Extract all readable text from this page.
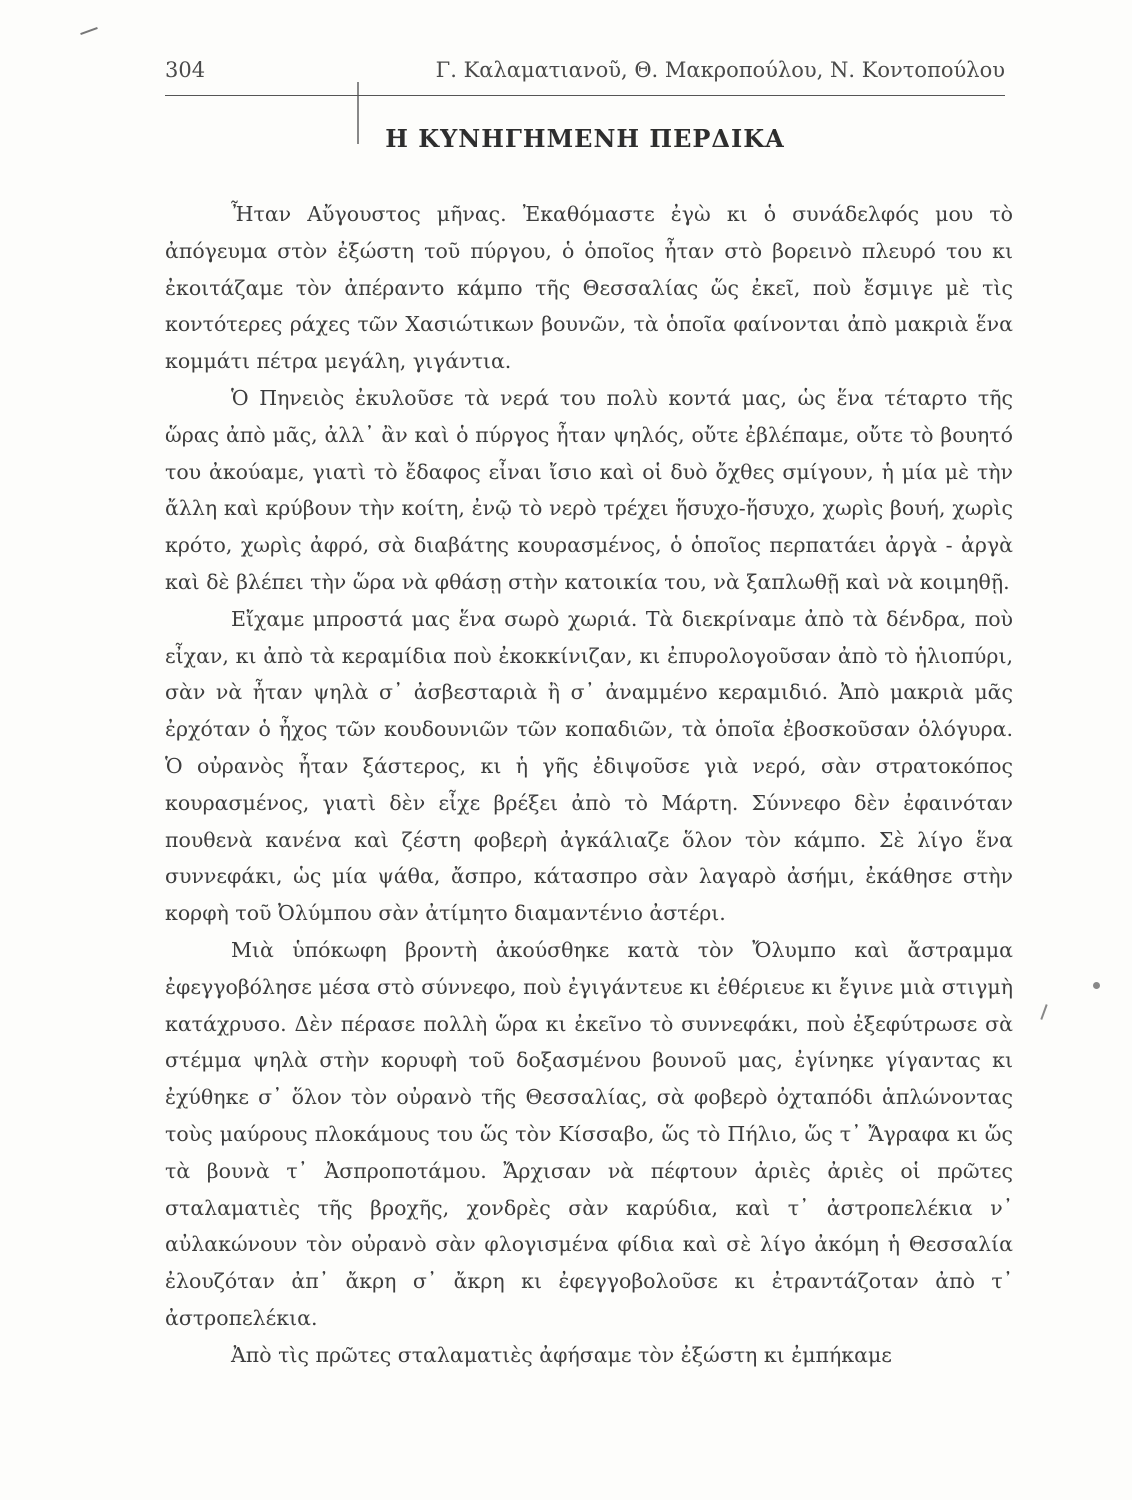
304	Γ. Καλαματιανοῦ, Θ. Μακροπούλου, Ν. Κοντοπούλου
Η ΚΥΝΗΓΗΜΕΝΗ ΠΕΡΔΙΚΑ

Ἦταν Αὔγουστος μῆνας. Ἐκαθόμαστε ἐγὼ κι ὁ συνάδελφός μου τὸ ἀπόγευμα στὸν ἐξώστη τοῦ πύργου, ὁ ὁποῖος ἦταν στὸ βορεινὸ πλευρό του κι ἐκοιτάζαμε τὸν ἀπέραντο κάμπο τῆς Θεσσαλίας ὥς ἐκεῖ, ποὺ ἔσμιγε μὲ τὶς κοντότερες ράχες τῶν Χασιώτικων βουνῶν, τὰ ὁποῖα φαίνονται ἀπὸ μακριὰ ἕνα κομμάτι πέτρα μεγάλη, γιγάντια.

Ὁ Πηνειὸς ἐκυλοῦσε τὰ νερά του πολὺ κοντά μας, ὡς ἕνα τέταρτο τῆς ὥρας ἀπὸ μᾶς, ἀλλ᾽ ἂν καὶ ὁ πύργος ἦταν ψηλός, οὔτε ἐβλέπαμε, οὔτε τὸ βουητό του ἀκούαμε, γιατὶ τὸ ἔδαφος εἶναι ἴσιο καὶ οἱ δυὸ ὄχθες σμίγουν, ἡ μία μὲ τὴν ἄλλη καὶ κρύβουν τὴν κοίτη, ἐνῷ τὸ νερὸ τρέχει ἥσυχο-ἥσυχο, χωρὶς βουή, χωρὶς κρότο, χωρὶς ἀφρό, σὰ διαβάτης κουρασμένος, ὁ ὁποῖος περπατάει ἀργὰ - ἀργὰ καὶ δὲ βλέπει τὴν ὥρα νὰ φθάσῃ στὴν κατοικία του, νὰ ξαπλωθῇ καὶ νὰ κοιμηθῇ.

Εἴχαμε μπροστά μας ἕνα σωρὸ χωριά. Τὰ διεκρίναμε ἀπὸ τὰ δένδρα, ποὺ εἶχαν, κι ἀπὸ τὰ κεραμίδια ποὺ ἐκοκκίνιζαν, κι ἐπυρολογοῦσαν ἀπὸ τὸ ἡλιοπύρι, σὰν νὰ ἦταν ψηλὰ σ᾽ ἀσβεσταριὰ ἢ σ᾽ ἀναμμένο κεραμιδιό. Ἀπὸ μακριὰ μᾶς ἐρχόταν ὁ ἦχος τῶν κουδουνιῶν τῶν κοπαδιῶν, τὰ ὁποῖα ἐβοσκοῦσαν ὁλόγυρα. Ὁ οὐρανὸς ἦταν ξάστερος, κι ἡ γῆς ἐδιψοῦσε γιὰ νερό, σὰν στρατοκόπος κουρασμένος, γιατὶ δὲν εἶχε βρέξει ἀπὸ τὸ Μάρτη. Σύννεφο δὲν ἐφαινόταν πουθενὰ κανένα καὶ ζέστη φοβερὴ ἀγκάλιαζε ὅλον τὸν κάμπο. Σὲ λίγο ἕνα συννεφάκι, ὡς μία ψάθα, ἄσπρο, κάτασπρο σὰν λαγαρὸ ἀσήμι, ἐκάθησε στὴν κορφὴ τοῦ Ὀλύμπου σὰν ἀτίμητο διαμαντένιο ἀστέρι.

Μιὰ ὑπόκωφη βροντὴ ἀκούσθηκε κατὰ τὸν Ὄλυμπο καὶ ἄστραμμα ἐφεγγοβόλησε μέσα στὸ σύννεφο, ποὺ ἐγιγάντευε κι ἐθέριευε κι ἔγινε μιὰ στιγμὴ κατάχρυσο. Δὲν πέρασε πολλὴ ὥρα κι ἐκεῖνο τὸ συννεφάκι, ποὺ ἐξεφύτρωσε σὰ στέμμα ψηλὰ στὴν κορυφὴ τοῦ δοξασμένου βουνοῦ μας, ἐγίνηκε γίγαντας κι ἐχύθηκε σ᾽ ὅλον τὸν οὐρανὸ τῆς Θεσσαλίας, σὰ φοβερὸ ὀχταπόδι ἁπλώνοντας τοὺς μαύρους πλοκάμους του ὥς τὸν Κίσσαβο, ὥς τὸ Πήλιο, ὥς τ᾽ Ἄγραφα κι ὥς τὰ βουνὰ τ᾽ Ἀσπροποτάμου. Ἄρχισαν νὰ πέφτουν ἀριὲς ἀριὲς οἱ πρῶτες σταλαματιὲς τῆς βροχῆς, χονδρὲς σὰν καρύδια, καὶ τ᾽ ἀστροπελέκια ν᾽ αὐλακώνουν τὸν οὐρανὸ σὰν φλογισμένα φίδια καὶ σὲ λίγο ἀκόμη ἡ Θεσσαλία ἐλουζόταν ἀπ᾽ ἄκρη σ᾽ ἄκρη κι ἐφεγγοβολοῦσε κι ἐτραντάζοταν ἀπὸ τ᾽ ἀστροπελέκια.

Ἀπὸ τὶς πρῶτες σταλαματιὲς ἀφήσαμε τὸν ἐξώστη κι ἐμπήκαμε
